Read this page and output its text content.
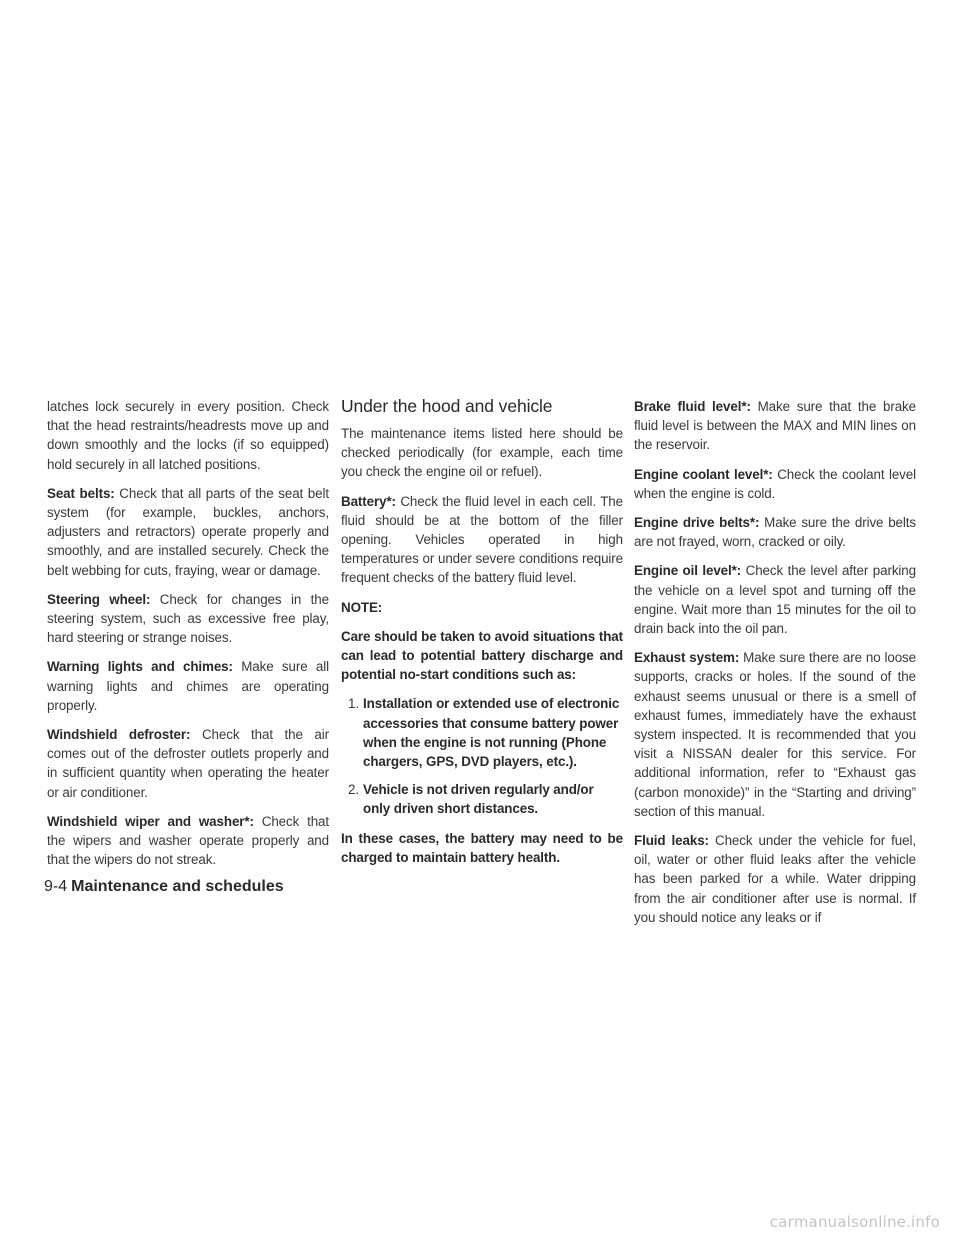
latches lock securely in every position. Check that the head restraints/headrests move up and down smoothly and the locks (if so equipped) hold securely in all latched positions.

Seat belts: Check that all parts of the seat belt system (for example, buckles, anchors, adjusters and retractors) operate properly and smoothly, and are installed securely. Check the belt webbing for cuts, fraying, wear or damage.

Steering wheel: Check for changes in the steering system, such as excessive free play, hard steering or strange noises.

Warning lights and chimes: Make sure all warning lights and chimes are operating properly.

Windshield defroster: Check that the air comes out of the defroster outlets properly and in sufficient quantity when operating the heater or air conditioner.

Windshield wiper and washer*: Check that the wipers and washer operate properly and that the wipers do not streak.

Under the hood and vehicle

The maintenance items listed here should be checked periodically (for example, each time you check the engine oil or refuel).

Battery*: Check the fluid level in each cell. The fluid should be at the bottom of the filler opening. Vehicles operated in high temperatures or under severe conditions require frequent checks of the battery fluid level.

NOTE:

Care should be taken to avoid situations that can lead to potential battery discharge and potential no-start conditions such as:

1. Installation or extended use of electronic accessories that consume battery power when the engine is not running (Phone chargers, GPS, DVD players, etc.).
2. Vehicle is not driven regularly and/or only driven short distances.

In these cases, the battery may need to be charged to maintain battery health.

Brake fluid level*: Make sure that the brake fluid level is between the MAX and MIN lines on the reservoir.

Engine coolant level*: Check the coolant level when the engine is cold.

Engine drive belts*: Make sure the drive belts are not frayed, worn, cracked or oily.

Engine oil level*: Check the level after parking the vehicle on a level spot and turning off the engine. Wait more than 15 minutes for the oil to drain back into the oil pan.

Exhaust system: Make sure there are no loose supports, cracks or holes. If the sound of the exhaust seems unusual or there is a smell of exhaust fumes, immediately have the exhaust system inspected. It is recommended that you visit a NISSAN dealer for this service. For additional information, refer to “Exhaust gas (carbon monoxide)” in the “Starting and driving” section of this manual.

Fluid leaks: Check under the vehicle for fuel, oil, water or other fluid leaks after the vehicle has been parked for a while. Water dripping from the air conditioner after use is normal. If you should notice any leaks or if

9-4 Maintenance and schedules
carmanualsonline.info
